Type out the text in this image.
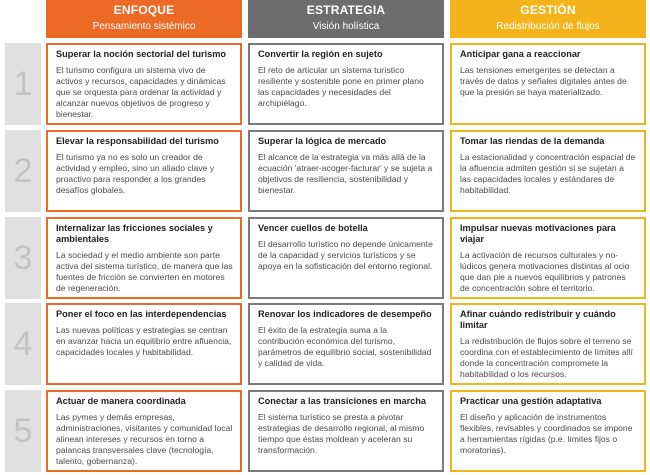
ENFOQUE
Pensamiento sistémico
ESTRATEGIA
Visión holística
GESTIÓN
Redistribución de flujos
1
Superar la noción sectorial del turismo
El turismo configura un sistema vivo de activos y recursos, capacidades y dinámicas que se orquesta para ordenar la actividad y alcanzar nuevos objetivos de progreso y bienestar.
Convertir la región en sujeto
El reto de articular un sistema turístico resiliente y sostenible pone en primer plano las capacidades y necesidades del archipiélago.
Anticipar gana a reaccionar
Las tensiones emergentes se detectan a través de datos y señales digitales antes de que la presión se haya materializado.
2
Elevar la responsabilidad del turismo
El turismo ya no es solo un creador de actividad y empleo, sino un aliado clave y proactivo para responder a los grandes desafíos globales.
Superar la lógica de mercado
El alcance de la estrategia va más allá de la ecuación 'atraer-acoger-facturar' y se sujeta a objetivos de resiliencia, sostenibilidad y bienestar.
Tomar las riendas de la demanda
La estacionalidad y concentración espacial de la afluencia admiten gestión si se sujetan a las capacidades locales y estándares de habitabilidad.
3
Internalizar las fricciones sociales y ambientales
La sociedad y el medio ambiente son parte activa del sistema turístico, de manera que las fuentes de fricción se convierten en motores de regeneración.
Vencer cuellos de botella
El desarrollo turístico no depende únicamente de la capacidad y servicios turísticos y se apoya en la sofisticación del entorno regional.
Impulsar nuevas motivaciones para viajar
La activación de recursos culturales y no-lúdicos genera motivaciones distintas al ocio que dan pie a nuevos equilibrios y patrones de concentración sobre el territorio.
4
Poner el foco en las interdependencias
Las nuevas políticas y estrategias se centran en avanzar hacia un equilibrio entre afluencia, capacidades locales y habitabilidad.
Renovar los indicadores de desempeño
El éxito de la estrategia suma a la contribución económica del turismo, parámetros de equilibrio social, sostenibilidad y calidad de vida.
Afinar cuándo redistribuir y cuándo limitar
La redistribución de flujos sobre el terreno se coordina con el establecimiento de límites allí donde la concentración compromete la habitabilidad o los recursos.
5
Actuar de manera coordinada
Las pymes y demás empresas, administraciones, visitantes y comunidad local alinean intereses y recursos en torno a palancas transversales clave (tecnología, talento, gobernanza).
Conectar a las transiciones en marcha
El sistema turístico se presta a pivotar estrategias de desarrollo regional, al mismo tiempo que éstas moldean y aceleran su transformación.
Practicar una gestión adaptativa
El diseño y aplicación de instrumentos flexibles, revisables y coordinados se impone a herramientas rígidas (p.e. límites fijos o moratorias).
